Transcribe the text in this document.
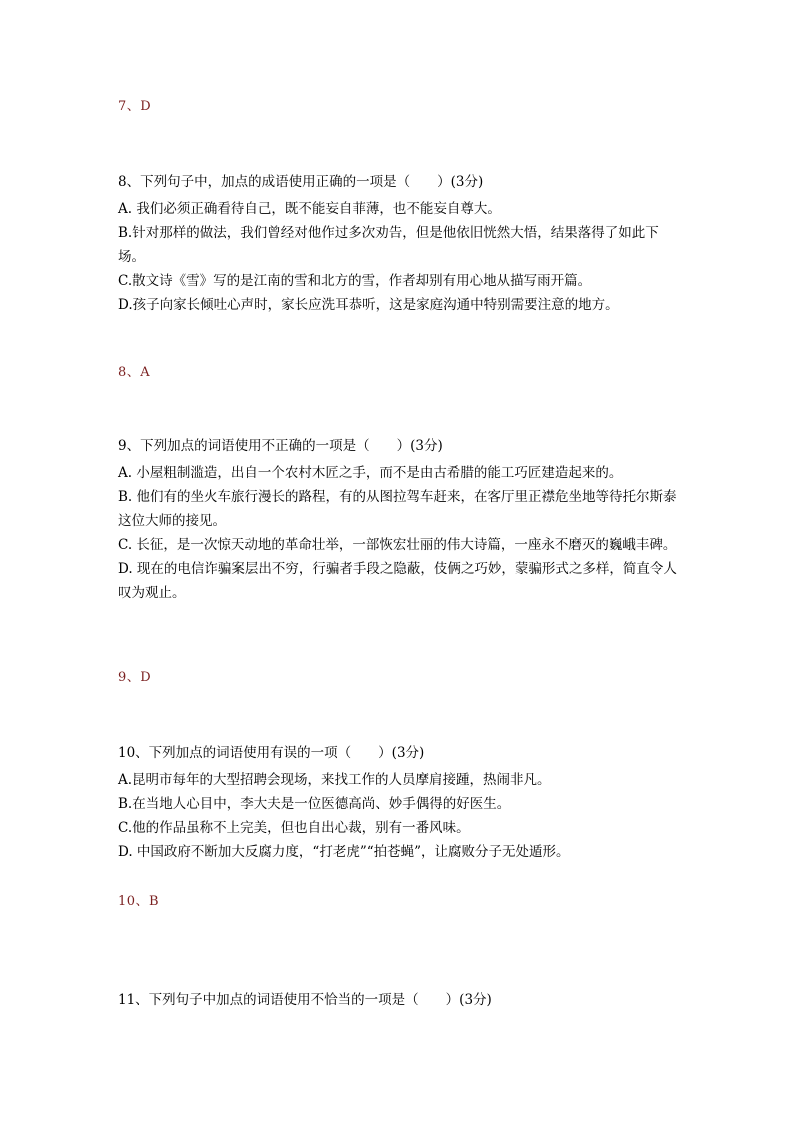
7、D
8、下列句子中，加点的成语使用正确的一项是（　　）(3分)
A. 我们必须正确看待自己，既不能妄自菲薄，也不能妄自尊大。
B.针对那样的做法，我们曾经对他作过多次劝告，但是他依旧恍然大悟，结果落得了如此下场。
C.散文诗《雪》写的是江南的雪和北方的雪，作者却别有用心地从描写雨开篇。
D.孩子向家长倾吐心声时，家长应洗耳恭听，这是家庭沟通中特别需要注意的地方。
8、A
9、下列加点的词语使用不正确的一项是（　　）(3分)
A. 小屋粗制滥造，出自一个农村木匠之手，而不是由古希腊的能工巧匠建造起来的。
B. 他们有的坐火车旅行漫长的路程，有的从图拉驾车赶来，在客厅里正襟危坐地等待托尔斯泰这位大师的接见。
C. 长征，是一次惊天动地的革命壮举，一部恢宏壮丽的伟大诗篇，一座永不磨灭的巍峨丰碑。
D. 现在的电信诈骗案层出不穷，行骗者手段之隐蔽，伎俩之巧妙，蒙骗形式之多样，简直令人叹为观止。
9、D
10、下列加点的词语使用有误的一项（　　）(3分)
A.昆明市每年的大型招聘会现场，来找工作的人员摩肩接踵，热闹非凡。
B.在当地人心目中，李大夫是一位医德高尚、妙手偶得的好医生。
C.他的作品虽称不上完美，但也自出心裁，别有一番风味。
D. 中国政府不断加大反腐力度，“打老虎”“拍苍蝇”，让腐败分子无处遁形。
10、B
11、下列句子中加点的词语使用不恰当的一项是（　　）(3分)
